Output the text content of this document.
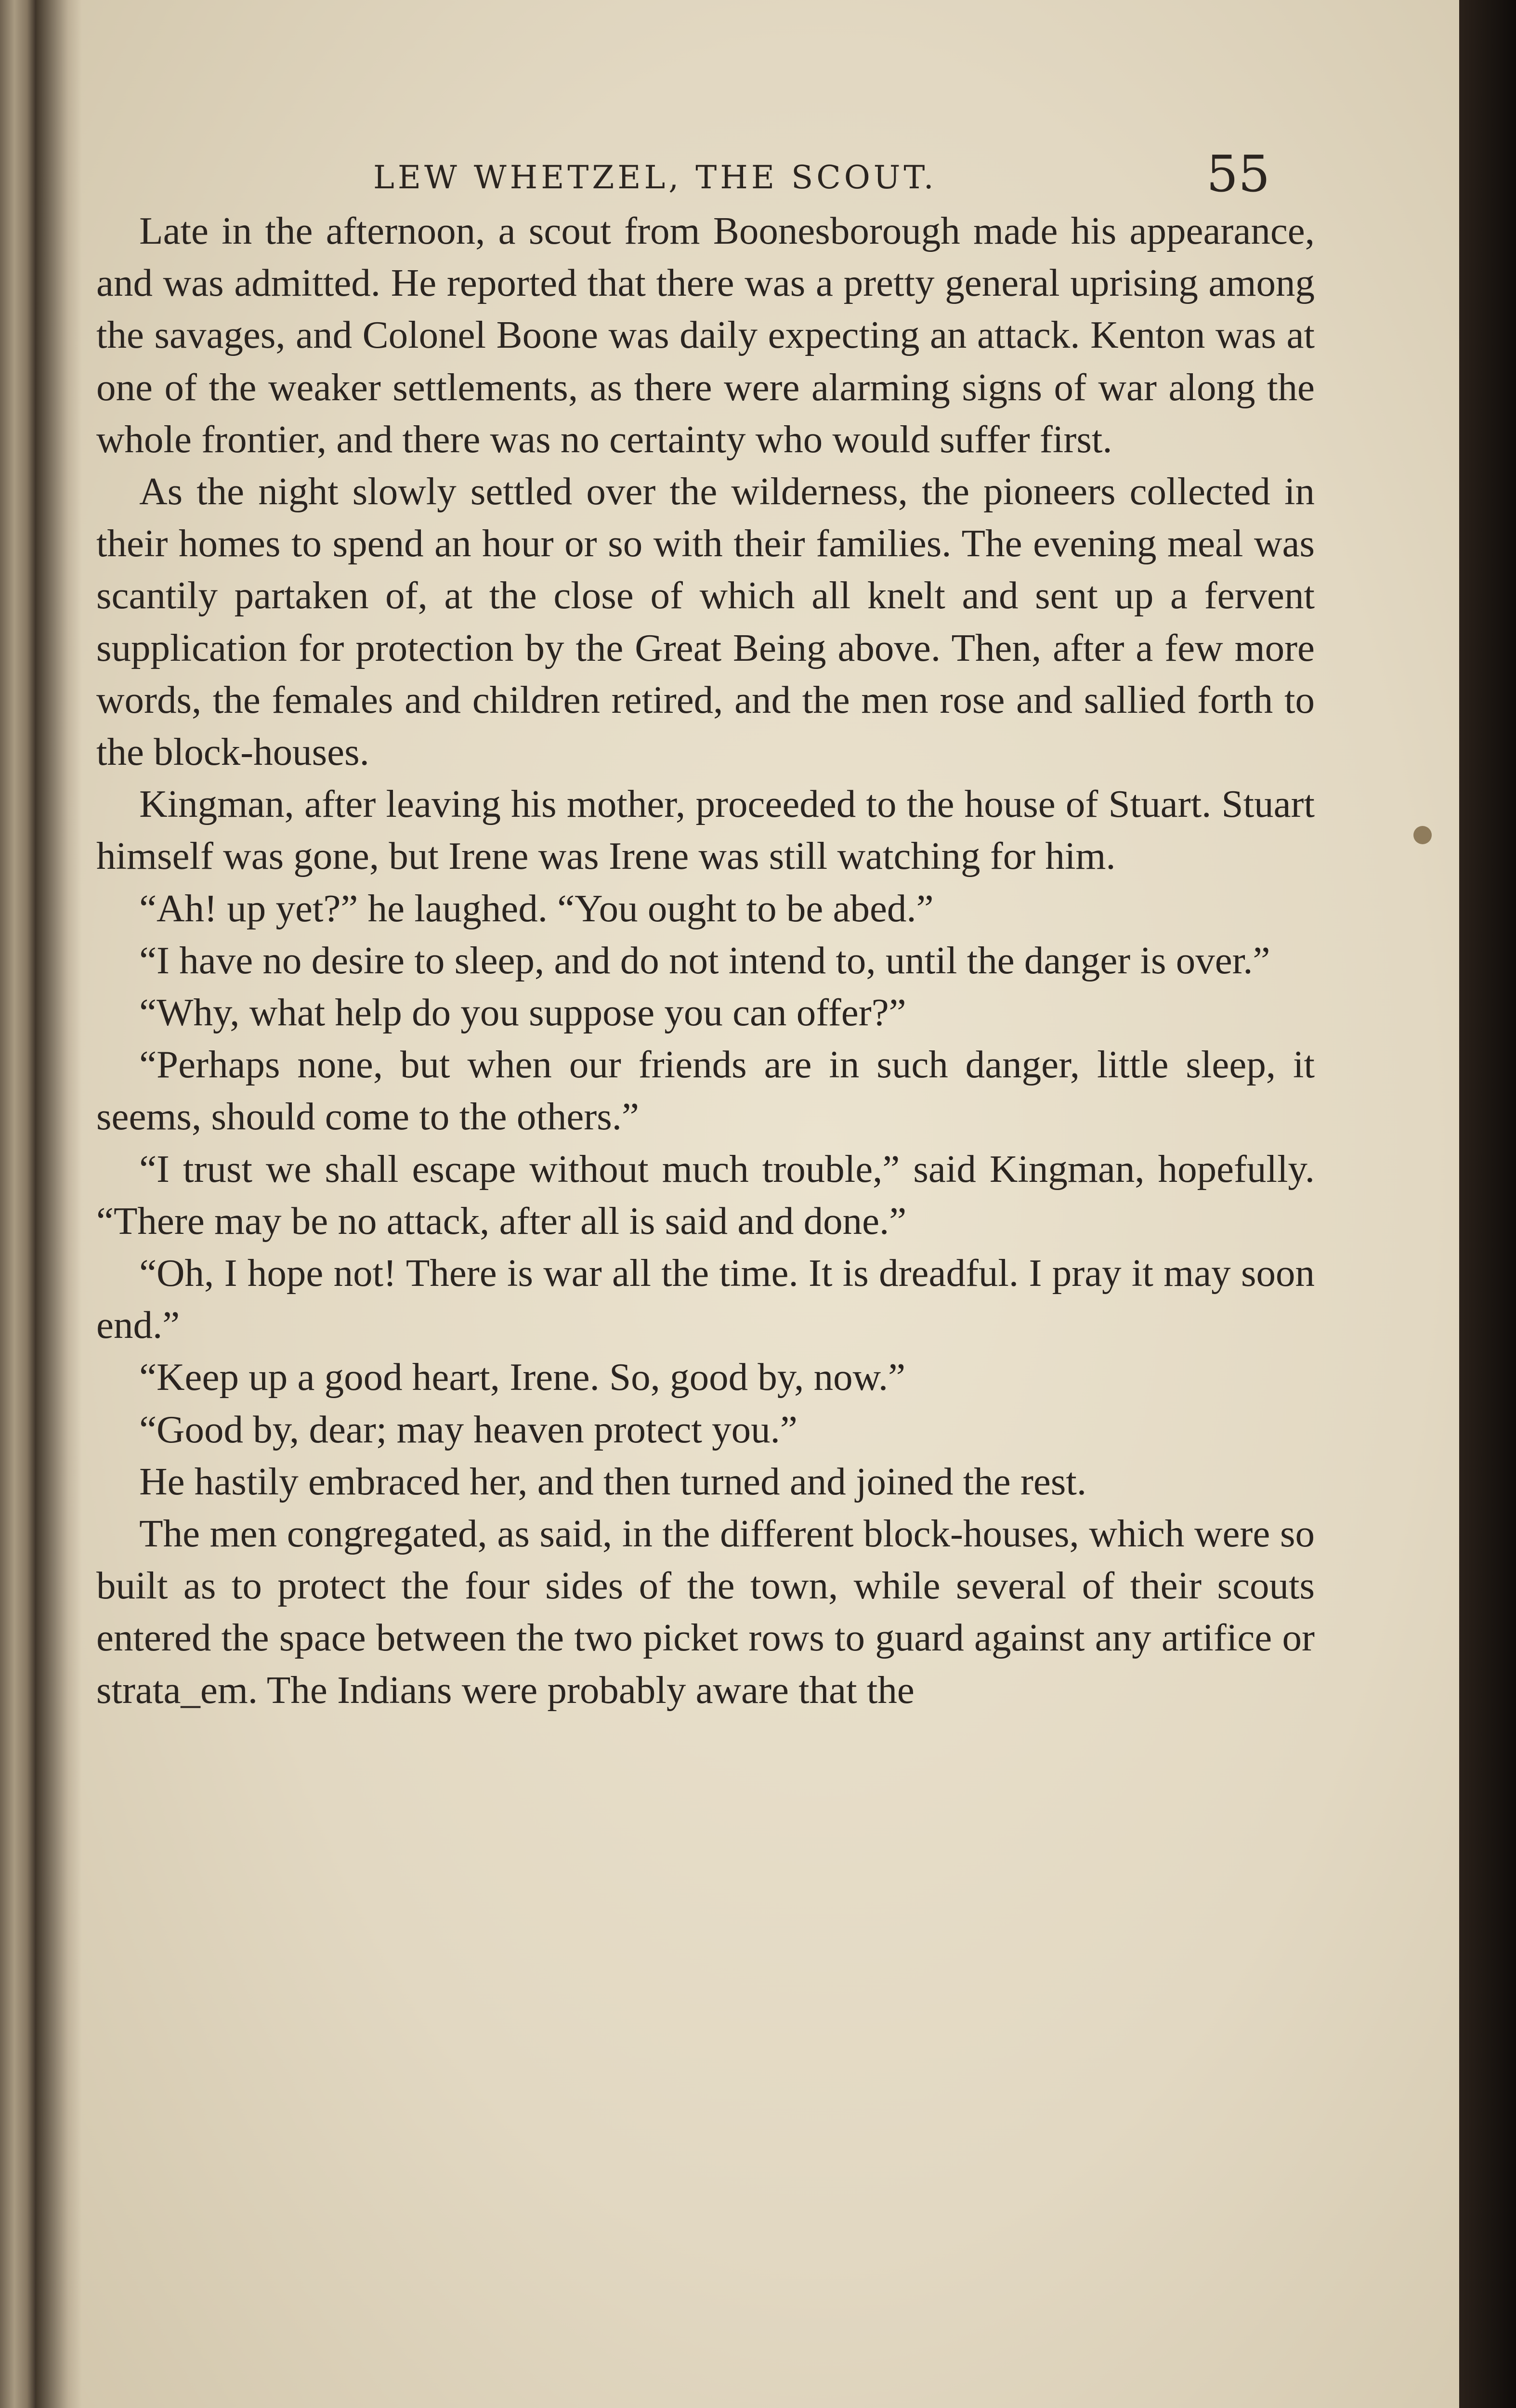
LEW WHETZEL, THE SCOUT.	55

Late in the afternoon, a scout from Boonesborough made his appearance, and was admitted. He reported that there was a pretty general uprising among the savages, and Colonel Boone was daily expecting an attack. Kenton was at one of the weaker settlements, as there were alarming signs of war along the whole frontier, and there was no certainty who would suffer first.

As the night slowly settled over the wilderness, the pioneers collected in their homes to spend an hour or so with their families. The evening meal was scantily partaken of, at the close of which all knelt and sent up a fervent supplication for protection by the Great Being above. Then, after a few more words, the females and children retired, and the men rose and sallied forth to the block-houses.

Kingman, after leaving his mother, proceeded to the house of Stuart. Stuart himself was gone, but Irene was Irene was still watching for him.

“Ah! up yet?” he laughed. “You ought to be abed.”

“I have no desire to sleep, and do not intend to, until the danger is over.”

“Why, what help do you suppose you can offer?”

“Perhaps none, but when our friends are in such danger, little sleep, it seems, should come to the others.”

“I trust we shall escape without much trouble,” said Kingman, hopefully. “There may be no attack, after all is said and done.”

“Oh, I hope not! There is war all the time. It is dreadful. I pray it may soon end.”

“Keep up a good heart, Irene. So, good by, now.”

“Good by, dear; may heaven protect you.”

He hastily embraced her, and then turned and joined the rest.

The men congregated, as said, in the different block-houses, which were so built as to protect the four sides of the town, while several of their scouts entered the space between the two picket rows to guard against any artifice or strata_em. The Indians were probably aware that the
